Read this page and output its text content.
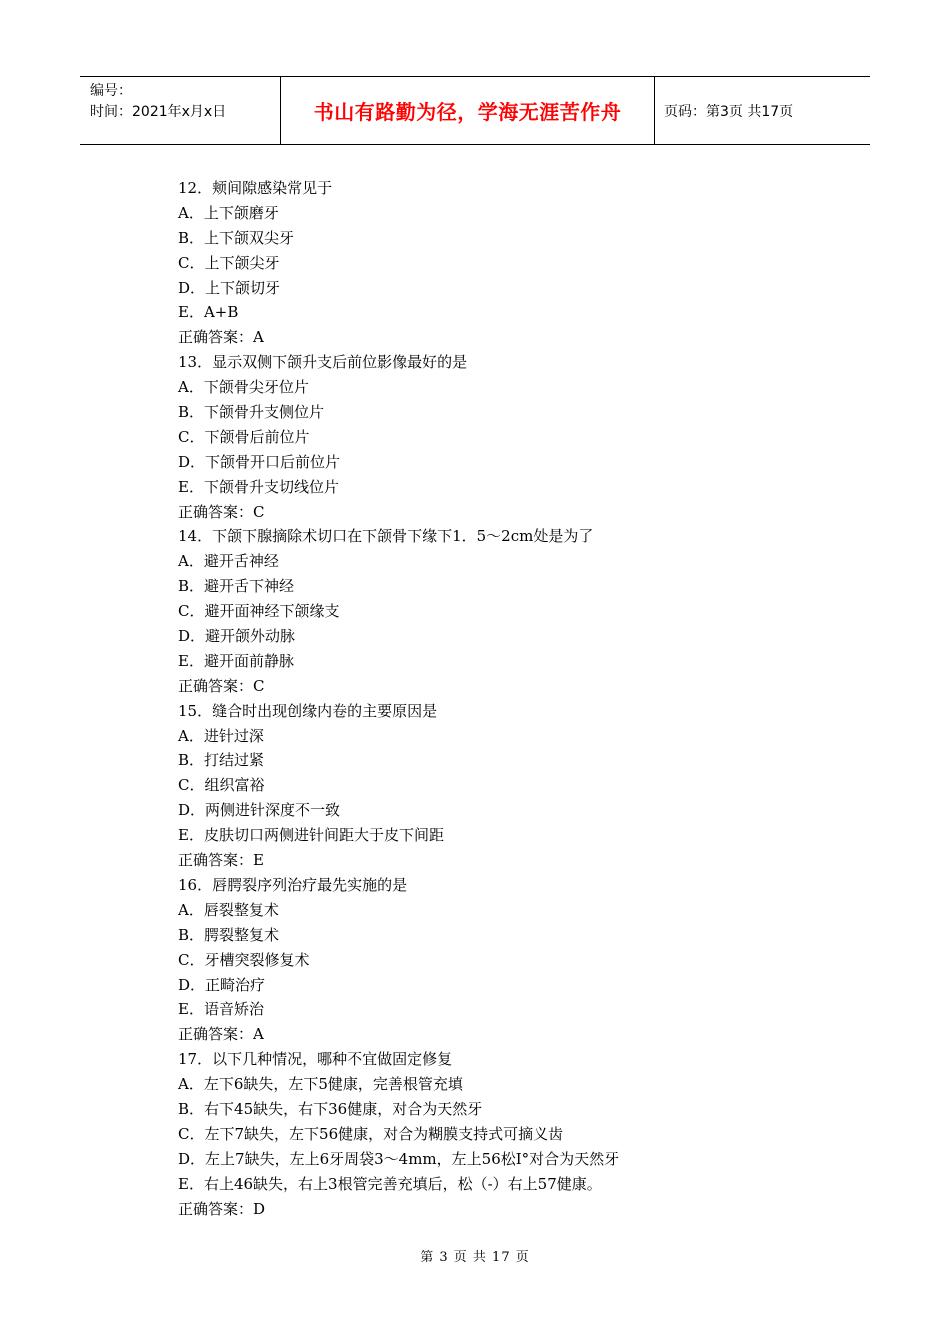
编号：
时间：2021年x月x日	书山有路勤为径，学海无涯苦作舟	页码：第3页 共17页
12．颊间隙感染常见于
A．上下颌磨牙
B．上下颌双尖牙
C．上下颌尖牙
D．上下颌切牙
E．A+B
正确答案：A
13．显示双侧下颌升支后前位影像最好的是
A．下颌骨尖牙位片
B．下颌骨升支侧位片
C．下颌骨后前位片
D．下颌骨开口后前位片
E．下颌骨升支切线位片
正确答案：C
14．下颌下腺摘除术切口在下颌骨下缘下1．5～2cm处是为了
A．避开舌神经
B．避开舌下神经
C．避开面神经下颌缘支
D．避开颌外动脉
E．避开面前静脉
正确答案：C
15．缝合时出现创缘内卷的主要原因是
A．进针过深
B．打结过紧
C．组织富裕
D．两侧进针深度不一致
E．皮肤切口两侧进针间距大于皮下间距
正确答案：E
16．唇腭裂序列治疗最先实施的是
A．唇裂整复术
B．腭裂整复术
C．牙槽突裂修复术
D．正畸治疗
E．语音矫治
正确答案：A
17．以下几种情况，哪种不宜做固定修复
A．左下6缺失，左下5健康，完善根管充填
B．右下45缺失，右下36健康，对合为天然牙
C．左下7缺失，左下56健康，对合为糊膜支持式可摘义齿
D．左上7缺失，左上6牙周袋3～4mm，左上56松I°对合为天然牙
E．右上46缺失，右上3根管完善充填后，松（-）右上57健康。
正确答案：D
第 3 页 共 17 页
